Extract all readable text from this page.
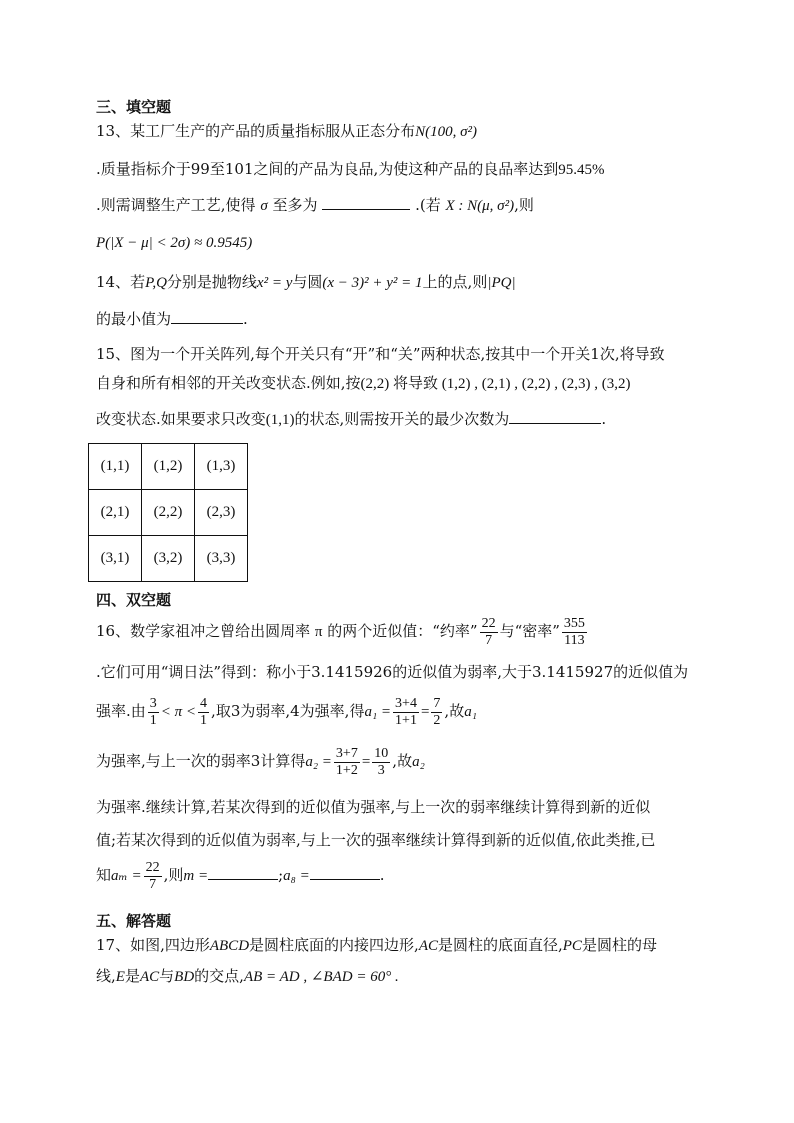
三、填空题
13、某工厂生产的产品的质量指标服从正态分布N(100, σ²)
.质量指标介于99至101之间的产品为良品,为使这种产品的良品率达到95.45%
.则需调整生产工艺,使得 σ 至多为	.(若 X : N(μ, σ²),则
P(|X − μ| < 2σ) ≈ 0.9545)
14、若P,Q分别是抛物线x² = y与圆(x − 3)² + y² = 1上的点,则|PQ|
的最小值为	.
15、图为一个开关阵列,每个开关只有“开”和“关”两种状态,按其中一个开关1次,将导致
自身和所有相邻的开关改变状态.例如,按(2,2) 将导致 (1,2) , (2,1) , (2,2) , (2,3) , (3,2)
改变状态.如果要求只改变(1,1)的状态,则需按开关的最少次数为	.
(1,1)	(1,2)	(1,3)
(2,1)	(2,2)	(2,3)
(3,1)	(3,2)	(3,3)
四、双空题
16、数学家祖冲之曾给出圆周率 π 的两个近似值：“约率” $\frac{22}{7}$ 与“密率” $\frac{355}{113}$
.它们可用“调日法”得到：称小于3.1415926的近似值为弱率,大于3.1415927的近似值为
强率.由 $\frac{3}{1} < \pi < \frac{4}{1}$ ,取3为弱率,4为强率,得$a_1 = \frac{3+4}{1+1} = \frac{7}{2}$ ,故a₁
为强率,与上一次的弱率3计算得$a_2 = \frac{3+7}{1+2} = \frac{10}{3}$ ,故a₂
为强率.继续计算,若某次得到的近似值为强率,与上一次的弱率继续计算得到新的近似
值;若某次得到的近似值为弱率,与上一次的强率继续计算得到新的近似值,依此类推,已
知$a_m = \frac{22}{7}$ ,则m =	;a₈ =	.
五、解答题
17、如图,四边形ABCD是圆柱底面的内接四边形,AC是圆柱的底面直径,PC是圆柱的母
线,E是AC与BD的交点,AB = AD , ∠BAD = 60° .
